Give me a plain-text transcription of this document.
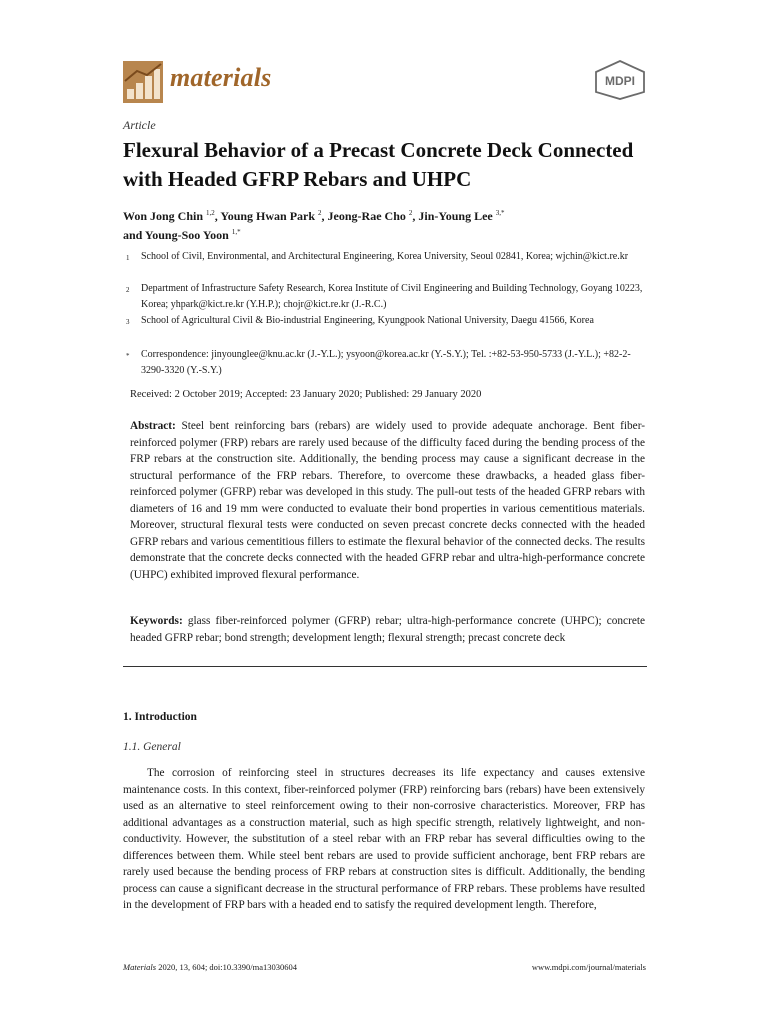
materials	MDPI
Article
Flexural Behavior of a Precast Concrete Deck Connected with Headed GFRP Rebars and UHPC
Won Jong Chin $^{1,2}$, Young Hwan Park $^2$, Jeong-Rae Cho $^2$, Jin-Young Lee $^{3,*}$
and Young-Soo Yoon $^{1,*}$
1 School of Civil, Environmental, and Architectural Engineering, Korea University, Seoul 02841, Korea; wjchin@kict.re.kr
2 Department of Infrastructure Safety Research, Korea Institute of Civil Engineering and Building Technology, Goyang 10223, Korea; yhpark@kict.re.kr (Y.H.P.); chojr@kict.re.kr (J.-R.C.)
3 School of Agricultural Civil & Bio-industrial Engineering, Kyungpook National University, Daegu 41566, Korea
* Correspondence: jinyounglee@knu.ac.kr (J.-Y.L.); ysyoon@korea.ac.kr (Y.-S.Y.); Tel. :+82-53-950-5733 (J.-Y.L.); +82-2-3290-3320 (Y.-S.Y.)
Received: 2 October 2019; Accepted: 23 January 2020; Published: 29 January 2020
Abstract: Steel bent reinforcing bars (rebars) are widely used to provide adequate anchorage. Bent fiber-reinforced polymer (FRP) rebars are rarely used because of the difficulty faced during the bending process of the FRP rebars at the construction site. Additionally, the bending process may cause a significant decrease in the structural performance of the FRP rebars. Therefore, to overcome these drawbacks, a headed glass fiber-reinforced polymer (GFRP) rebar was developed in this study. The pull-out tests of the headed GFRP rebars with diameters of 16 and 19 mm were conducted to evaluate their bond properties in various cementitious materials. Moreover, structural flexural tests were conducted on seven precast concrete decks connected with the headed GFRP rebars and various cementitious fillers to estimate the flexural behavior of the connected decks. The results demonstrate that the concrete decks connected with the headed GFRP rebar and ultra-high-performance concrete (UHPC) exhibited improved flexural performance.
Keywords: glass fiber-reinforced polymer (GFRP) rebar; ultra-high-performance concrete (UHPC); concrete headed GFRP rebar; bond strength; development length; flexural strength; precast concrete deck
1. Introduction
1.1. General
The corrosion of reinforcing steel in structures decreases its life expectancy and causes extensive maintenance costs. In this context, fiber-reinforced polymer (FRP) reinforcing bars (rebars) have been extensively used as an alternative to steel reinforcement owing to their non-corrosive characteristics. Moreover, FRP has additional advantages as a construction material, such as high specific strength, relatively lightweight, and non-conductivity. However, the substitution of a steel rebar with an FRP rebar has several difficulties owing to the differences between them. While steel bent rebars are used to provide sufficient anchorage, bent FRP rebars are rarely used because the bending process of FRP rebars at construction sites is difficult. Additionally, the bending process can cause a significant decrease in the structural performance of FRP rebars. These problems have resulted in the development of FRP bars with a headed end to satisfy the required development length. Therefore,
Materials 2020, 13, 604; doi:10.3390/ma13030604	www.mdpi.com/journal/materials
